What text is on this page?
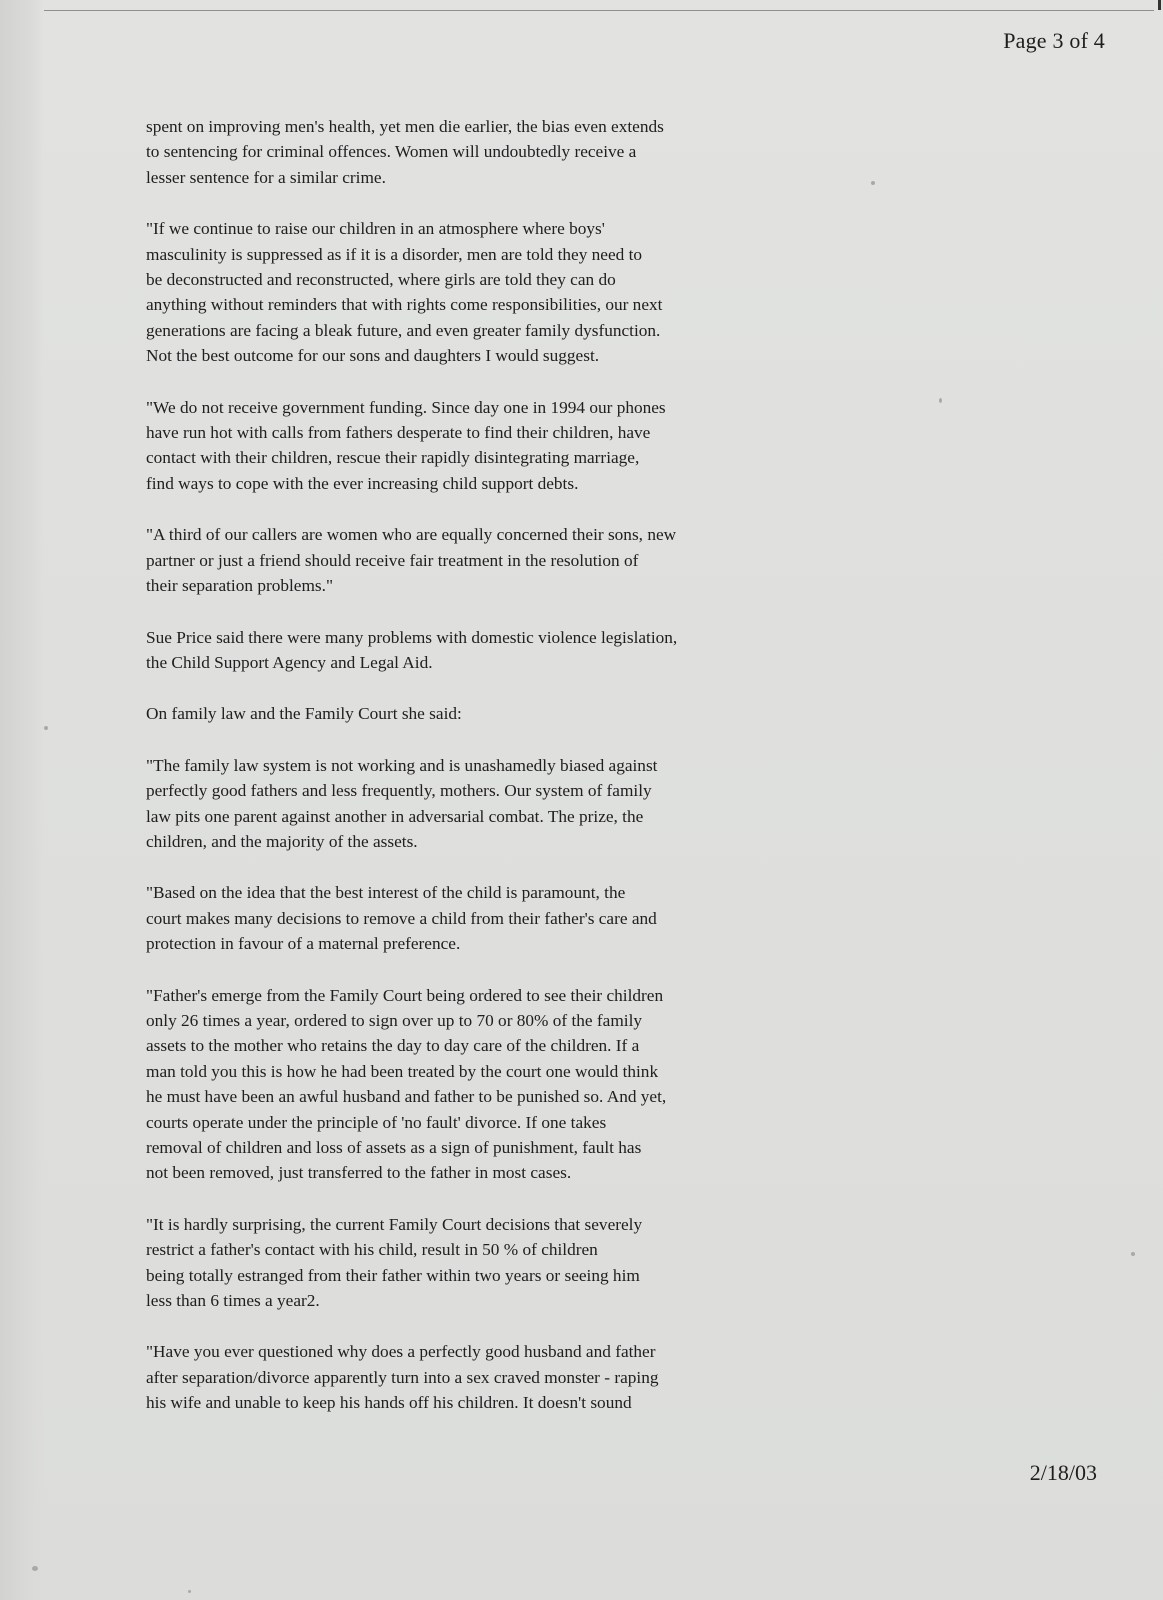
Page 3 of 4

spent on improving men's health, yet men die earlier, the bias even extends
to sentencing for criminal offences. Women will undoubtedly receive a
lesser sentence for a similar crime.

"If we continue to raise our children in an atmosphere where boys'
masculinity is suppressed as if it is a disorder, men are told they need to
be deconstructed and reconstructed, where girls are told they can do
anything without reminders that with rights come responsibilities, our next
generations are facing a bleak future, and even greater family dysfunction.
Not the best outcome for our sons and daughters I would suggest.

"We do not receive government funding. Since day one in 1994 our phones
have run hot with calls from fathers desperate to find their children, have
contact with their children, rescue their rapidly disintegrating marriage,
find ways to cope with the ever increasing child support debts.

"A third of our callers are women who are equally concerned their sons, new
partner or just a friend should receive fair treatment in the resolution of
their separation problems."

Sue Price said there were many problems with domestic violence legislation,
the Child Support Agency and Legal Aid.

On family law and the Family Court she said:

"The family law system is not working and is unashamedly biased against
perfectly good fathers and less frequently, mothers. Our system of family
law pits one parent against another in adversarial combat. The prize, the
children, and the majority of the assets.

"Based on the idea that the best interest of the child is paramount, the
court makes many decisions to remove a child from their father's care and
protection in favour of a maternal preference.

"Father's emerge from the Family Court being ordered to see their children
only 26 times a year, ordered to sign over up to 70 or 80% of the family
assets to the mother who retains the day to day care of the children. If a
man told you this is how he had been treated by the court one would think
he must have been an awful husband and father to be punished so. And yet,
courts operate under the principle of 'no fault' divorce. If one takes
removal of children and loss of assets as a sign of punishment, fault has
not been removed, just transferred to the father in most cases.

"It is hardly surprising, the current Family Court decisions that severely
restrict a father's contact with his child, result in 50 % of children
being totally estranged from their father within two years or seeing him
less than 6 times a year2.

"Have you ever questioned why does a perfectly good husband and father
after separation/divorce apparently turn into a sex craved monster - raping
his wife and unable to keep his hands off his children. It doesn't sound

2/18/03
